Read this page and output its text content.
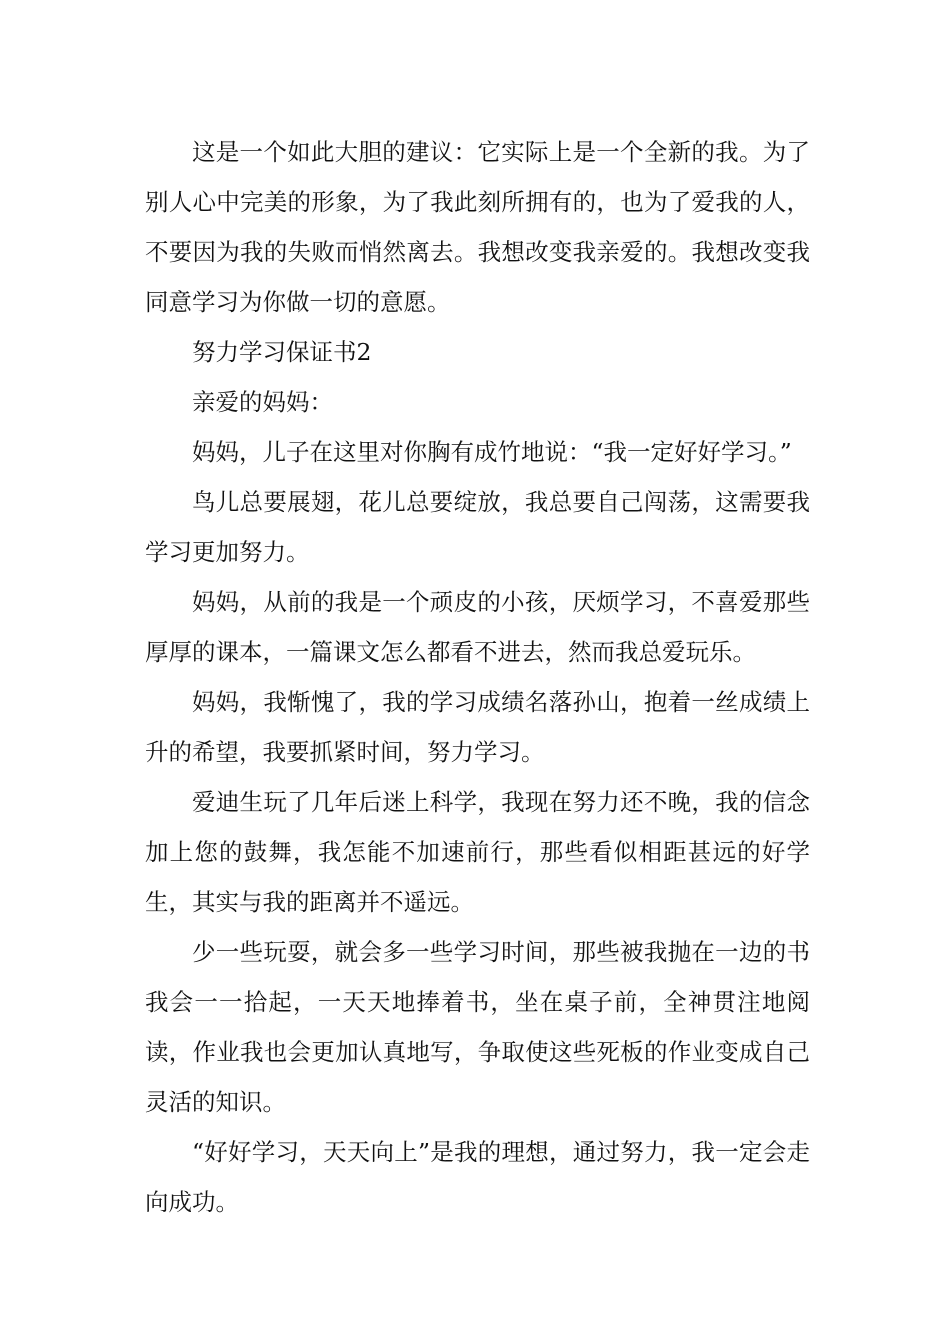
这是一个如此大胆的建议：它实际上是一个全新的我。为了别人心中完美的形象，为了我此刻所拥有的，也为了爱我的人，不要因为我的失败而悄然离去。我想改变我亲爱的。我想改变我同意学习为你做一切的意愿。

努力学习保证书2

亲爱的妈妈：

妈妈，儿子在这里对你胸有成竹地说：“我一定好好学习。”

鸟儿总要展翅，花儿总要绽放，我总要自己闯荡，这需要我学习更加努力。

妈妈，从前的我是一个顽皮的小孩，厌烦学习，不喜爱那些厚厚的课本，一篇课文怎么都看不进去，然而我总爱玩乐。

妈妈，我惭愧了，我的学习成绩名落孙山，抱着一丝成绩上升的希望，我要抓紧时间，努力学习。

爱迪生玩了几年后迷上科学，我现在努力还不晚，我的信念加上您的鼓舞，我怎能不加速前行，那些看似相距甚远的好学生，其实与我的距离并不遥远。

少一些玩耍，就会多一些学习时间，那些被我抛在一边的书我会一一拾起，一天天地捧着书，坐在桌子前，全神贯注地阅读，作业我也会更加认真地写，争取使这些死板的作业变成自己灵活的知识。

“好好学习，天天向上”是我的理想，通过努力，我一定会走向成功。
